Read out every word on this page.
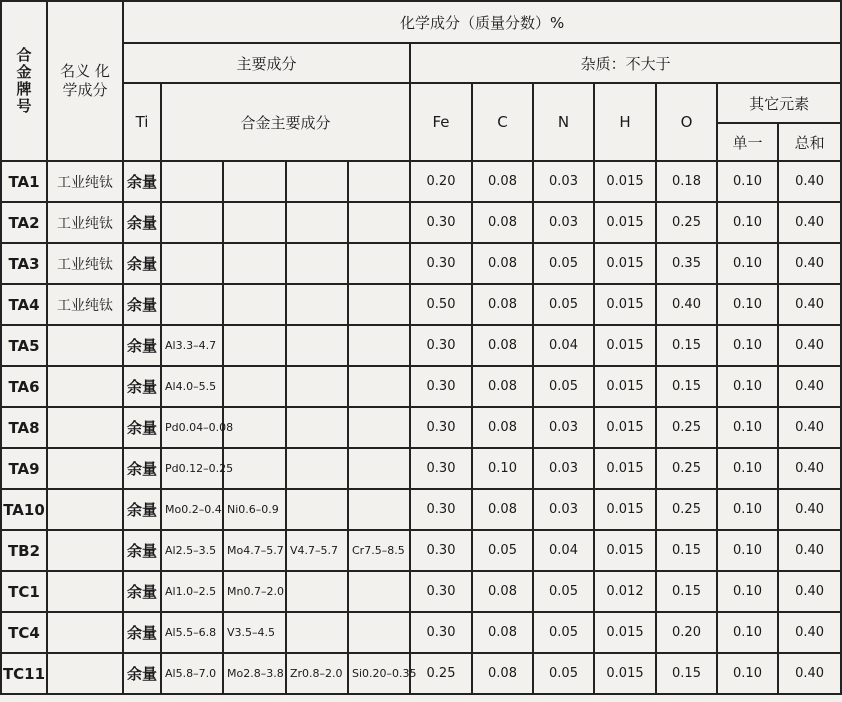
合金牌号	名义 化学成分	化学成分（质量分数）%											
		主要成分					杂质：不大于						
		Ti	合金主要成分				Fe	C	N	H	O	其它元素	
												单一	总和
TA1	工业纯钛	余量					0.20	0.08	0.03	0.015	0.18	0.10	0.40
TA2	工业纯钛	余量					0.30	0.08	0.03	0.015	0.25	0.10	0.40
TA3	工业纯钛	余量					0.30	0.08	0.05	0.015	0.35	0.10	0.40
TA4	工业纯钛	余量					0.50	0.08	0.05	0.015	0.40	0.10	0.40
TA5		余量	Al3.3–4.7				0.30	0.08	0.04	0.015	0.15	0.10	0.40
TA6		余量	Al4.0–5.5				0.30	0.08	0.05	0.015	0.15	0.10	0.40
TA8		余量	Pd0.04–0.08				0.30	0.08	0.03	0.015	0.25	0.10	0.40
TA9		余量	Pd0.12–0.25				0.30	0.10	0.03	0.015	0.25	0.10	0.40
TA10		余量	Mo0.2–0.4	Ni0.6–0.9			0.30	0.08	0.03	0.015	0.25	0.10	0.40
TB2		余量	Al2.5–3.5	Mo4.7–5.7	V4.7–5.7	Cr7.5–8.5	0.30	0.05	0.04	0.015	0.15	0.10	0.40
TC1		余量	Al1.0–2.5	Mn0.7–2.0			0.30	0.08	0.05	0.012	0.15	0.10	0.40
TC4		余量	Al5.5–6.8	V3.5–4.5			0.30	0.08	0.05	0.015	0.20	0.10	0.40
TC11		余量	Al5.8–7.0	Mo2.8–3.8	Zr0.8–2.0	Si0.20–0.35	0.25	0.08	0.05	0.015	0.15	0.10	0.40
